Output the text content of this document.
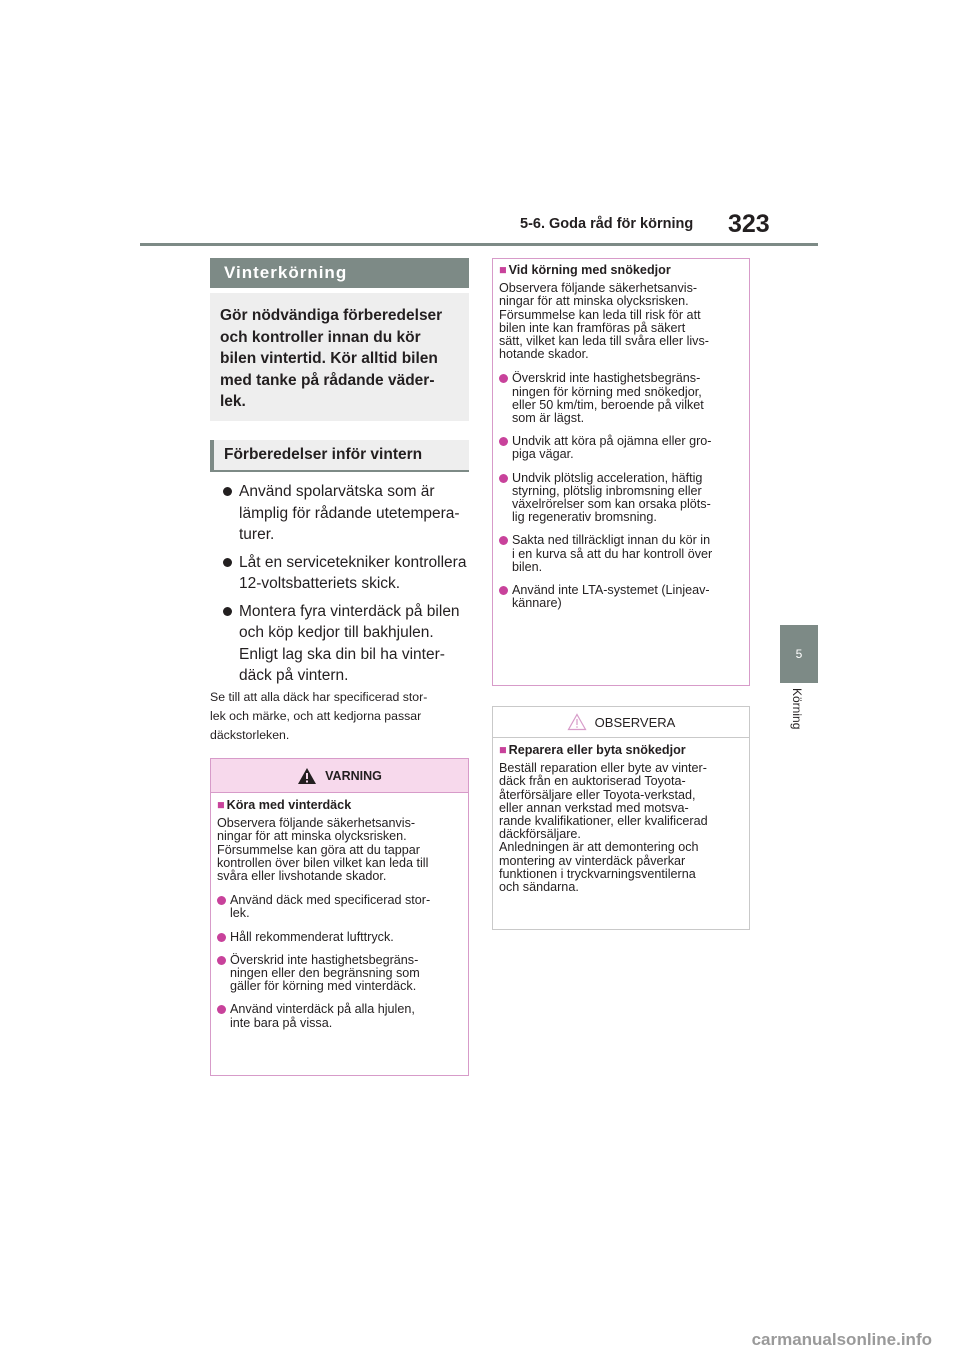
5-6. Goda råd för körning 323
5
Körning
Vinterkörning
Gör nödvändiga förberedelser
och kontroller innan du kör
bilen vintertid. Kör alltid bilen
med tanke på rådande väder-
lek.
Förberedelser inför vintern
Använd spolarvätska som är
lämplig för rådande utetempera-
turer.
Låt en servicetekniker kontrollera
12-voltsbatteriets skick.
Montera fyra vinterdäck på bilen
och köp kedjor till bakhjulen.
Enligt lag ska din bil ha vinter-
däck på vintern.
Se till att alla däck har specificerad stor-
lek och märke, och att kedjorna passar
däckstorleken.
VARNING
■ Köra med vinterdäck
Observera följande säkerhetsanvis-
ningar för att minska olycksrisken.
Försummelse kan göra att du tappar
kontrollen över bilen vilket kan leda till
svåra eller livshotande skador.
Använd däck med specificerad stor-
lek.
Håll rekommenderat lufttryck.
Överskrid inte hastighetsbegräns-
ningen eller den begränsning som
gäller för körning med vinterdäck.
Använd vinterdäck på alla hjulen,
inte bara på vissa.
■ Vid körning med snökedjor
Observera följande säkerhetsanvis-
ningar för att minska olycksrisken.
Försummelse kan leda till risk för att
bilen inte kan framföras på säkert
sätt, vilket kan leda till svåra eller livs-
hotande skador.
Överskrid inte hastighetsbegräns-
ningen för körning med snökedjor,
eller 50 km/tim, beroende på vilket
som är lägst.
Undvik att köra på ojämna eller gro-
piga vägar.
Undvik plötslig acceleration, häftig
styrning, plötslig inbromsning eller
växelrörelser som kan orsaka plöts-
lig regenerativ bromsning.
Sakta ned tillräckligt innan du kör in
i en kurva så att du har kontroll över
bilen.
Använd inte LTA-systemet (Linjeav-
kännare)
OBSERVERA
■ Reparera eller byta snökedjor
Beställ reparation eller byte av vinter-
däck från en auktoriserad Toyota-
återförsäljare eller Toyota-verkstad,
eller annan verkstad med motsva-
rande kvalifikationer, eller kvalificerad
däckförsäljare.
Anledningen är att demontering och
montering av vinterdäck påverkar
funktionen i tryckvarningsventilerna
och sändarna.
carmanualsonline.info
